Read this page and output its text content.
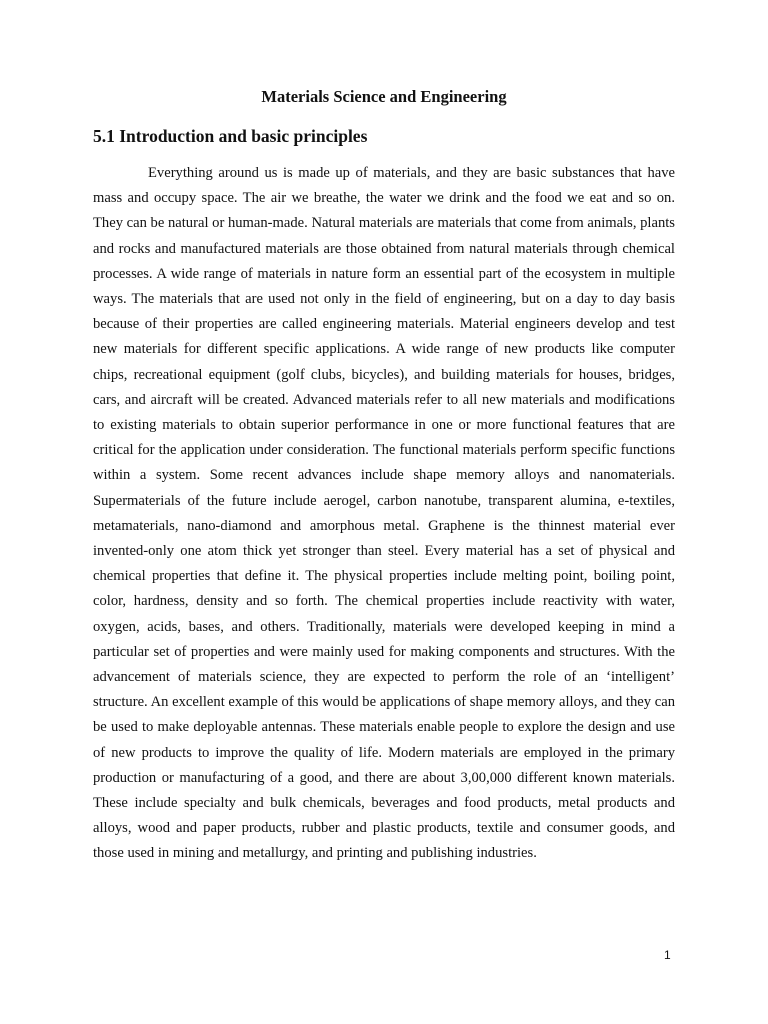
Materials Science and Engineering
5.1 Introduction and basic principles

Everything around us is made up of materials, and they are basic substances that have mass and occupy space. The air we breathe, the water we drink and the food we eat and so on. They can be natural or human-made. Natural materials are materials that come from animals, plants and rocks and manufactured materials are those obtained from natural materials through chemical processes. A wide range of materials in nature form an essential part of the ecosystem in multiple ways. The materials that are used not only in the field of engineering, but on a day to day basis because of their properties are called engineering materials. Material engineers develop and test new materials for different specific applications. A wide range of new products like computer chips, recreational equipment (golf clubs, bicycles), and building materials for houses, bridges, cars, and aircraft will be created. Advanced materials refer to all new materials and modifications to existing materials to obtain superior performance in one or more functional features that are critical for the application under consideration. The functional materials perform specific functions within a system. Some recent advances include shape memory alloys and nanomaterials. Supermaterials of the future include aerogel, carbon nanotube, transparent alumina, e-textiles, metamaterials, nano-diamond and amorphous metal. Graphene is the thinnest material ever invented-only one atom thick yet stronger than steel. Every material has a set of physical and chemical properties that define it. The physical properties include melting point, boiling point, color, hardness, density and so forth. The chemical properties include reactivity with water, oxygen, acids, bases, and others. Traditionally, materials were developed keeping in mind a particular set of properties and were mainly used for making components and structures. With the advancement of materials science, they are expected to perform the role of an ‘intelligent’ structure. An excellent example of this would be applications of shape memory alloys, and they can be used to make deployable antennas. These materials enable people to explore the design and use of new products to improve the quality of life. Modern materials are employed in the primary production or manufacturing of a good, and there are about 3,00,000 different known materials. These include specialty and bulk chemicals, beverages and food products, metal products and alloys, wood and paper products, rubber and plastic products, textile and consumer goods, and those used in mining and metallurgy, and printing and publishing industries.

1
